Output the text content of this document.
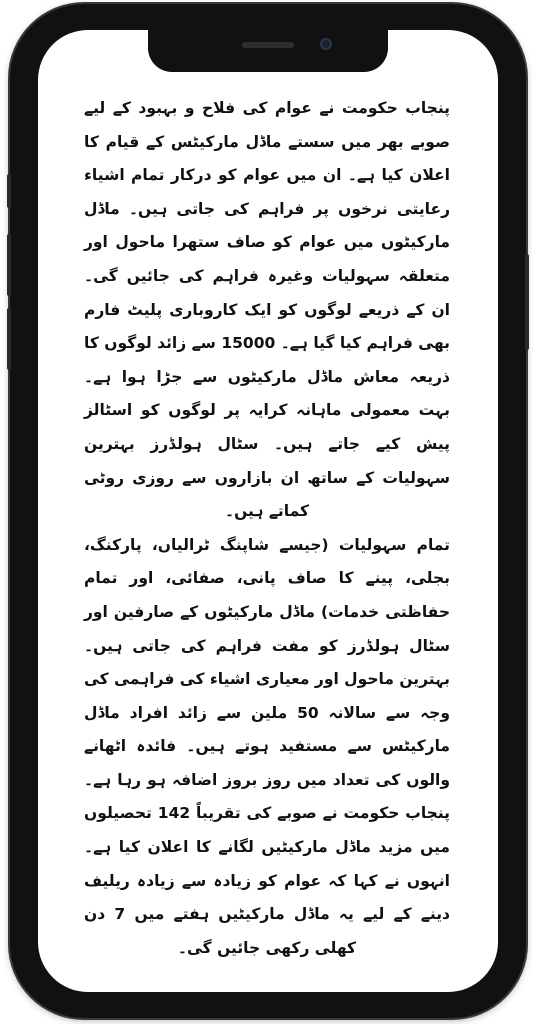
پنجاب حکومت نے عوام کی فلاح و بہبود کے لیے صوبے بھر میں سستے ماڈل مارکیٹس کے قیام کا اعلان کیا ہے۔ ان میں عوام کو درکار تمام اشیاء رعایتی نرخوں پر فراہم کی جاتی ہیں۔ ماڈل مارکیٹوں میں عوام کو صاف ستھرا ماحول اور متعلقہ سہولیات وغیرہ فراہم کی جائیں گی۔ ان کے ذریعے لوگوں کو ایک کاروباری پلیٹ فارم بھی فراہم کیا گیا ہے۔ 15000 سے زائد لوگوں کا ذریعہ معاش ماڈل مارکیٹوں سے جڑا ہوا ہے۔ بہت معمولی ماہانہ کرایہ پر لوگوں کو اسٹالز پیش کیے جاتے ہیں۔ سٹال ہولڈرز بہترین سہولیات کے ساتھ ان بازاروں سے روزی روٹی کماتے ہیں۔

تمام سہولیات (جیسے شاپنگ ٹرالیاں، پارکنگ، بجلی، پینے کا صاف پانی، صفائی، اور تمام حفاظتی خدمات) ماڈل مارکیٹوں کے صارفین اور سٹال ہولڈرز کو مفت فراہم کی جاتی ہیں۔ بہترین ماحول اور معیاری اشیاء کی فراہمی کی وجہ سے سالانہ 50 ملین سے زائد افراد ماڈل مارکیٹس سے مستفید ہوتے ہیں۔ فائدہ اٹھانے والوں کی تعداد میں روز بروز اضافہ ہو رہا ہے۔ پنجاب حکومت نے صوبے کی تقریباً 142 تحصیلوں میں مزید ماڈل مارکیٹیں لگانے کا اعلان کیا ہے۔ انہوں نے کہا کہ عوام کو زیادہ سے زیادہ ریلیف دینے کے لیے یہ ماڈل مارکیٹیں ہفتے میں 7 دن کھلی رکھی جائیں گی۔
